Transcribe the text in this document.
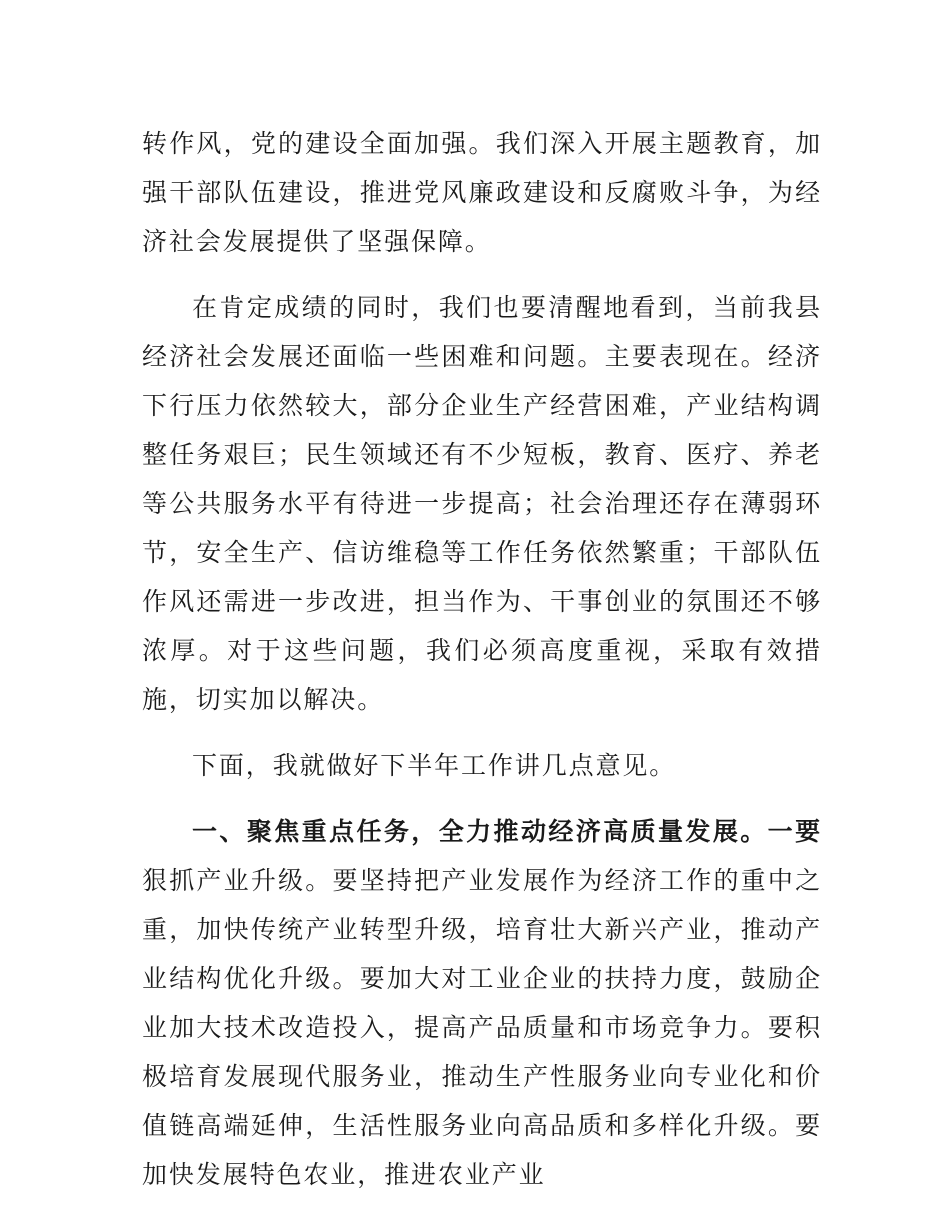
转作风，党的建设全面加强。我们深入开展主题教育，加强干部队伍建设，推进党风廉政建设和反腐败斗争，为经济社会发展提供了坚强保障。

在肯定成绩的同时，我们也要清醒地看到，当前我县经济社会发展还面临一些困难和问题。主要表现在。经济下行压力依然较大，部分企业生产经营困难，产业结构调整任务艰巨；民生领域还有不少短板，教育、医疗、养老等公共服务水平有待进一步提高；社会治理还存在薄弱环节，安全生产、信访维稳等工作任务依然繁重；干部队伍作风还需进一步改进，担当作为、干事创业的氛围还不够浓厚。对于这些问题，我们必须高度重视，采取有效措施，切实加以解决。

下面，我就做好下半年工作讲几点意见。

一、聚焦重点任务，全力推动经济高质量发展。一要狠抓产业升级。要坚持把产业发展作为经济工作的重中之重，加快传统产业转型升级，培育壮大新兴产业，推动产业结构优化升级。要加大对工业企业的扶持力度，鼓励企业加大技术改造投入，提高产品质量和市场竞争力。要积极培育发展现代服务业，推动生产性服务业向专业化和价值链高端延伸，生活性服务业向高品质和多样化升级。要加快发展特色农业，推进农业产业
